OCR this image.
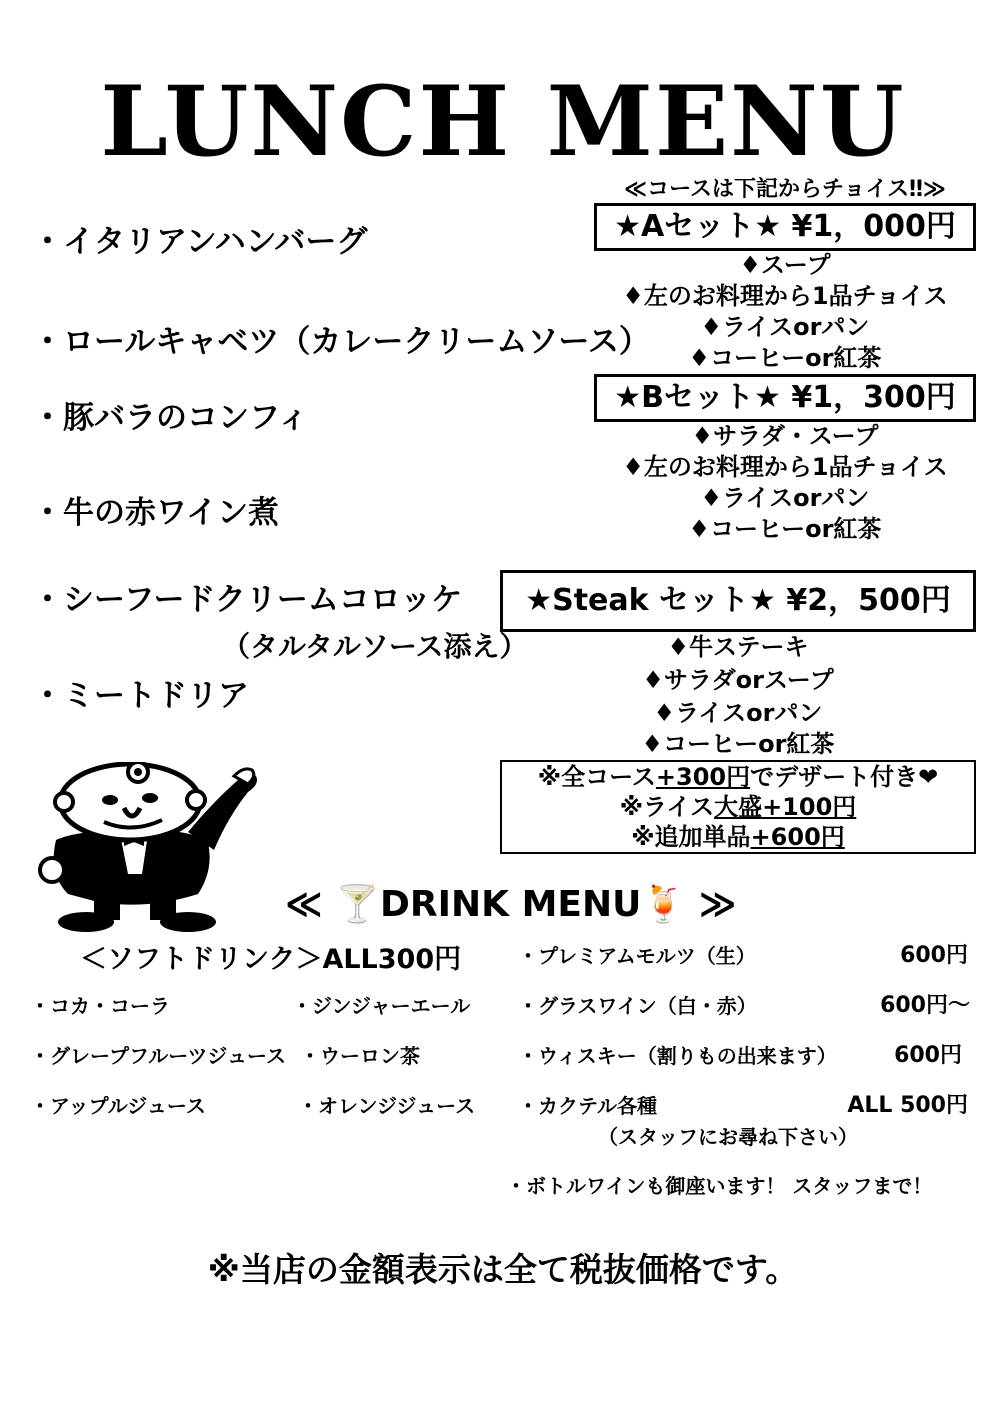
LUNCH MENU
・イタリアンハンバーグ
・ロールキャベツ（カレークリームソース）
・豚バラのコンフィ
・牛の赤ワイン煮
・シーフードクリームコロッケ
（タルタルソース添え）
・ミートドリア
≪コースは下記からチョイス‼≫
★Aセット★ ¥1，000円
♦スープ
♦左のお料理から1品チョイス
♦ライスorパン
♦コーヒーor紅茶
★Bセット★ ¥1，300円
♦サラダ・スープ
♦左のお料理から1品チョイス
♦ライスorパン
♦コーヒーor紅茶
★Steak セット★ ¥2，500円
♦牛ステーキ
♦サラダorスープ
♦ライスorパン
♦コーヒーor紅茶
※全コース+300円でデザート付き❤
※ライス大盛+100円
※追加単品+600円
≪ 🍸DRINK MENU🍹 ≫
＜ソフトドリンク＞ALL300円
・コカ・コーラ	・ジンジャーエール
・グレープフルーツジュース ・ウーロン茶
・アップルジュース	・オレンジジュース
・プレミアムモルツ（生）	600円
・グラスワイン（白・赤）	600円～
・ウィスキー（割りもの出来ます）	600円
・カクテル各種	ALL 500円
（スタッフにお尋ね下さい）
・ボトルワインも御座います！ スタッフまで！
※当店の金額表示は全て税抜価格です。
